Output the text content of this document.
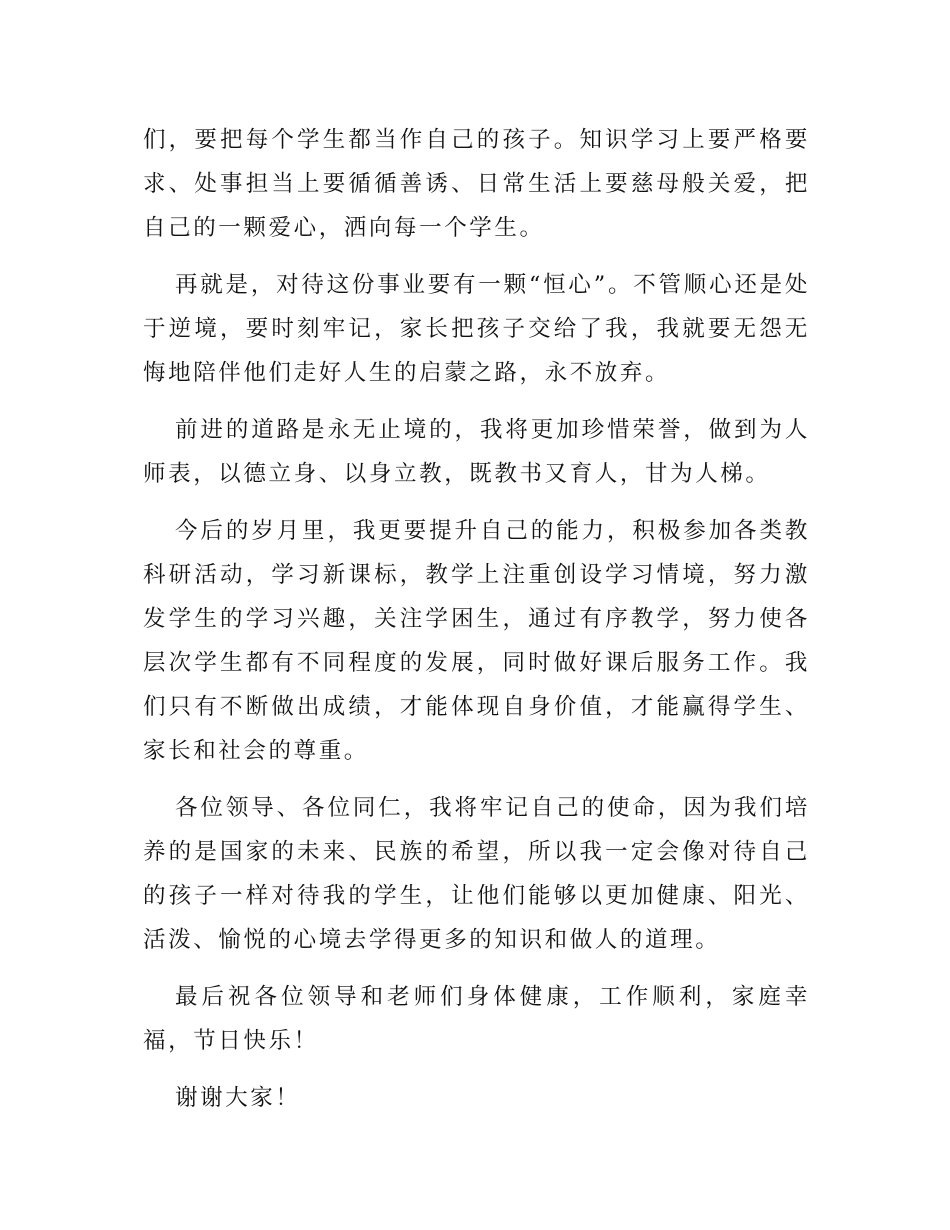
们，要把每个学生都当作自己的孩子。知识学习上要严格要求、处事担当上要循循善诱、日常生活上要慈母般关爱，把自己的一颗爱心，洒向每一个学生。

再就是，对待这份事业要有一颗“恒心”。不管顺心还是处于逆境，要时刻牢记，家长把孩子交给了我，我就要无怨无悔地陪伴他们走好人生的启蒙之路，永不放弃。

前进的道路是永无止境的，我将更加珍惜荣誉，做到为人师表，以德立身、以身立教，既教书又育人，甘为人梯。

今后的岁月里，我更要提升自己的能力，积极参加各类教科研活动，学习新课标，教学上注重创设学习情境，努力激发学生的学习兴趣，关注学困生，通过有序教学，努力使各层次学生都有不同程度的发展，同时做好课后服务工作。我们只有不断做出成绩，才能体现自身价值，才能赢得学生、家长和社会的尊重。

各位领导、各位同仁，我将牢记自己的使命，因为我们培养的是国家的未来、民族的希望，所以我一定会像对待自己的孩子一样对待我的学生，让他们能够以更加健康、阳光、活泼、愉悦的心境去学得更多的知识和做人的道理。

最后祝各位领导和老师们身体健康，工作顺利，家庭幸福，节日快乐！

谢谢大家！
